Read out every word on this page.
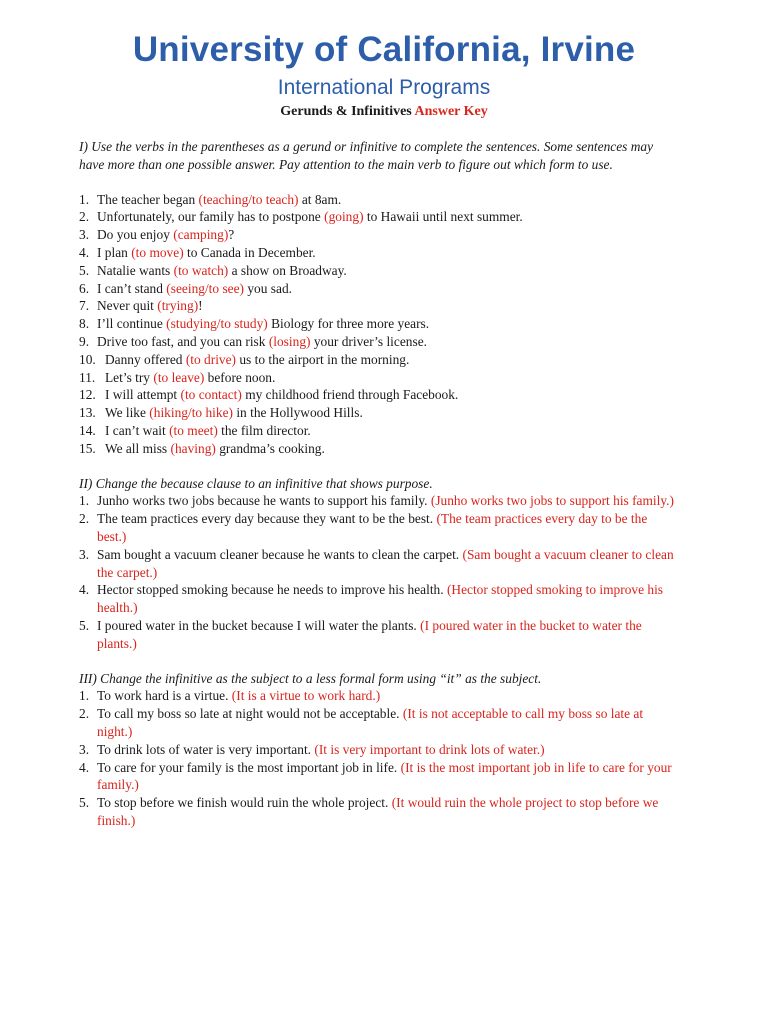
University of California, Irvine
International Programs
Gerunds & Infinitives Answer Key

I) Use the verbs in the parentheses as a gerund or infinitive to complete the sentences. Some sentences may have more than one possible answer. Pay attention to the main verb to figure out which form to use.

1. The teacher began (teaching/to teach) at 8am.
2. Unfortunately, our family has to postpone (going) to Hawaii until next summer.
3. Do you enjoy (camping)?
4. I plan (to move) to Canada in December.
5. Natalie wants (to watch) a show on Broadway.
6. I can’t stand (seeing/to see) you sad.
7. Never quit (trying)!
8. I’ll continue (studying/to study) Biology for three more years.
9. Drive too fast, and you can risk (losing) your driver’s license.
10. Danny offered (to drive) us to the airport in the morning.
11. Let’s try (to leave) before noon.
12. I will attempt (to contact) my childhood friend through Facebook.
13. We like (hiking/to hike) in the Hollywood Hills.
14. I can’t wait (to meet) the film director.
15. We all miss (having) grandma’s cooking.

II) Change the because clause to an infinitive that shows purpose.

1. Junho works two jobs because he wants to support his family. (Junho works two jobs to support his family.)
2. The team practices every day because they want to be the best. (The team practices every day to be the best.)
3. Sam bought a vacuum cleaner because he wants to clean the carpet. (Sam bought a vacuum cleaner to clean the carpet.)
4. Hector stopped smoking because he needs to improve his health. (Hector stopped smoking to improve his health.)
5. I poured water in the bucket because I will water the plants. (I poured water in the bucket to water the plants.)

III) Change the infinitive as the subject to a less formal form using “it” as the subject.

1. To work hard is a virtue. (It is a virtue to work hard.)
2. To call my boss so late at night would not be acceptable. (It is not acceptable to call my boss so late at night.)
3. To drink lots of water is very important. (It is very important to drink lots of water.)
4. To care for your family is the most important job in life. (It is the most important job in life to care for your family.)
5. To stop before we finish would ruin the whole project. (It would ruin the whole project to stop before we finish.)
